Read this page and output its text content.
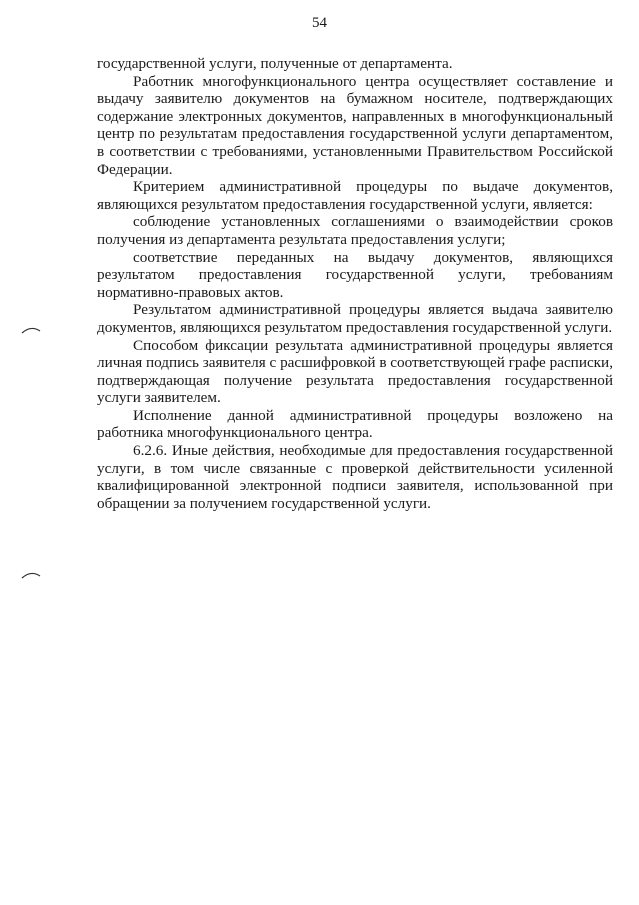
54

государственной услуги, полученные от департамента.

Работник многофункционального центра осуществляет составление и выдачу заявителю документов на бумажном носителе, подтверждающих содержание электронных документов, направленных в многофункциональный центр по результатам предоставления государственной услуги департаментом, в соответствии с требованиями, установленными Правительством Российской Федерации.

Критерием административной процедуры по выдаче документов, являющихся результатом предоставления государственной услуги, является:

соблюдение установленных соглашениями о взаимодействии сроков получения из департамента результата предоставления услуги;

соответствие переданных на выдачу документов, являющихся результатом предоставления государственной услуги, требованиям нормативно-правовых актов.

Результатом административной процедуры является выдача заявителю документов, являющихся результатом предоставления государственной услуги.

Способом фиксации результата административной процедуры является личная подпись заявителя с расшифровкой в соответствующей графе расписки, подтверждающая получение результата предоставления государственной услуги заявителем.

Исполнение данной административной процедуры возложено на работника многофункционального центра.

6.2.6. Иные действия, необходимые для предоставления государственной услуги, в том числе связанные с проверкой действительности усиленной квалифицированной электронной подписи заявителя, использованной при обращении за получением государственной услуги.
